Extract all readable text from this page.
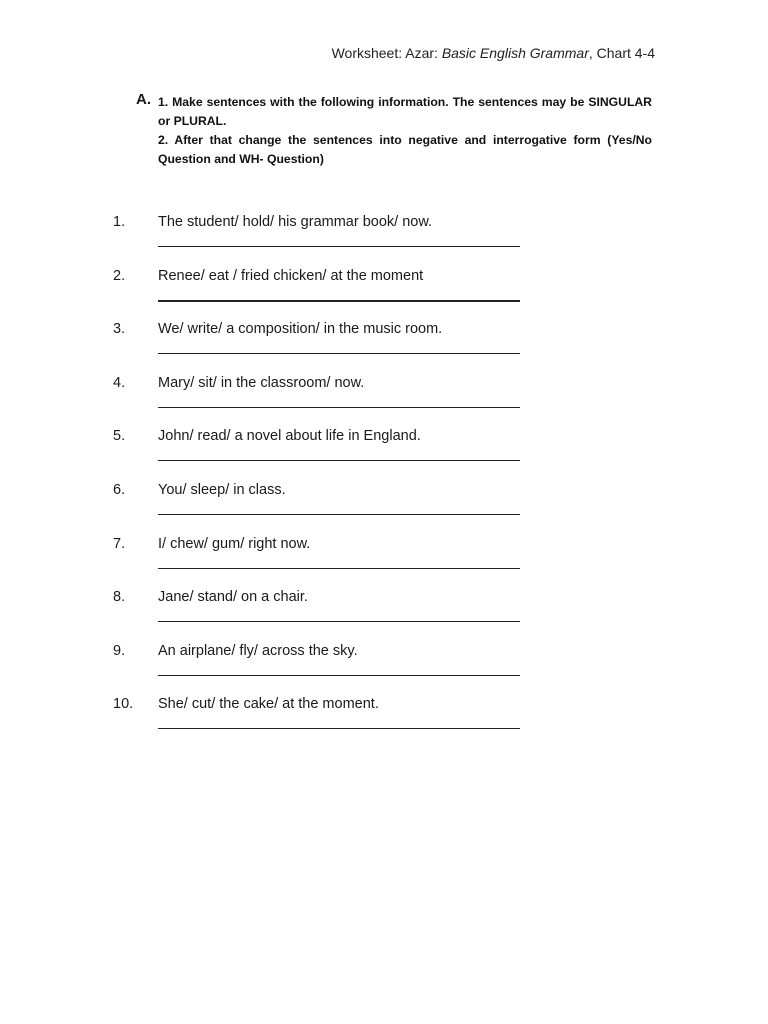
Worksheet: Azar: Basic English Grammar, Chart 4-4
A. 1. Make sentences with the following information. The sentences may be SINGULAR or PLURAL.

2. After that change the sentences into negative and interrogative form (Yes/No Question and WH- Question)

1. The student/ hold/ his grammar book/ now.
2. Renee/ eat / fried chicken/ at the moment
3. We/ write/ a composition/ in the music room.
4. Mary/ sit/ in the classroom/ now.
5. John/ read/ a novel about life in England.
6. You/ sleep/ in class.
7. I/ chew/ gum/ right now.
8. Jane/ stand/ on a chair.
9. An airplane/ fly/ across the sky.
10. She/ cut/ the cake/ at the moment.
